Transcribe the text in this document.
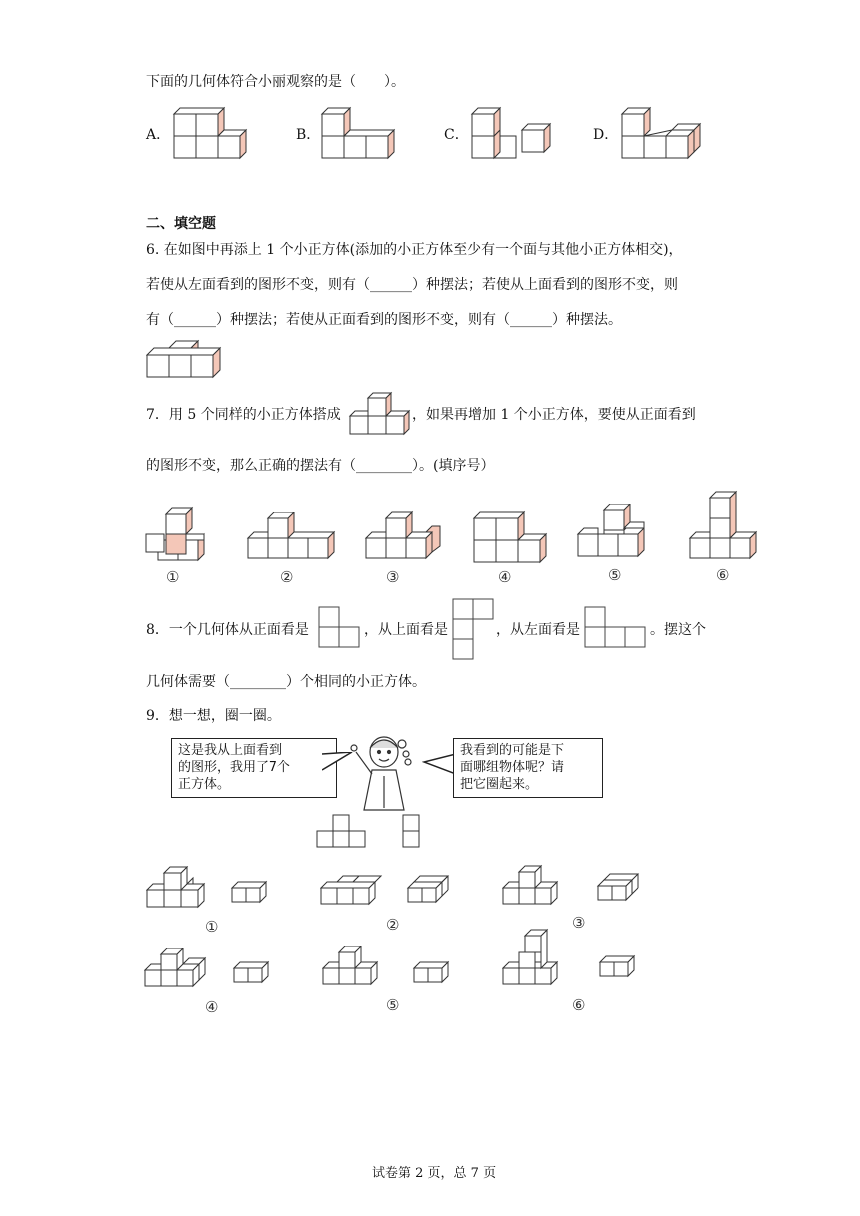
下面的几何体符合小丽观察的是（　　）。
A．	B．	C．	D．
二、填空题
6. 在如图中再添上 1 个小正方体(添加的小正方体至少有一个面与其他小正方体相交)，
若使从左面看到的图形不变，则有（______）种摆法；若使从上面看到的图形不变，则
有（______）种摆法；若使从正面看到的图形不变，则有（______）种摆法。
7．用 5 个同样的小正方体搭成	，如果再增加 1 个小正方体，要使从正面看到
的图形不变，那么正确的摆法有（________）。(填序号）
①	②	③	④	⑤	⑥
8．一个几何体从正面看是	，从上面看是	，从左面看是	。摆这个
几何体需要（________）个相同的小正方体。
9．想一想，圈一圈。
这是我从上面看到
的图形，我用了7个
正方体。
我看到的可能是下
面哪组物体呢？请
把它圈起来。
①	②	③
④	⑤	⑥
试卷第 2 页，总 7 页
